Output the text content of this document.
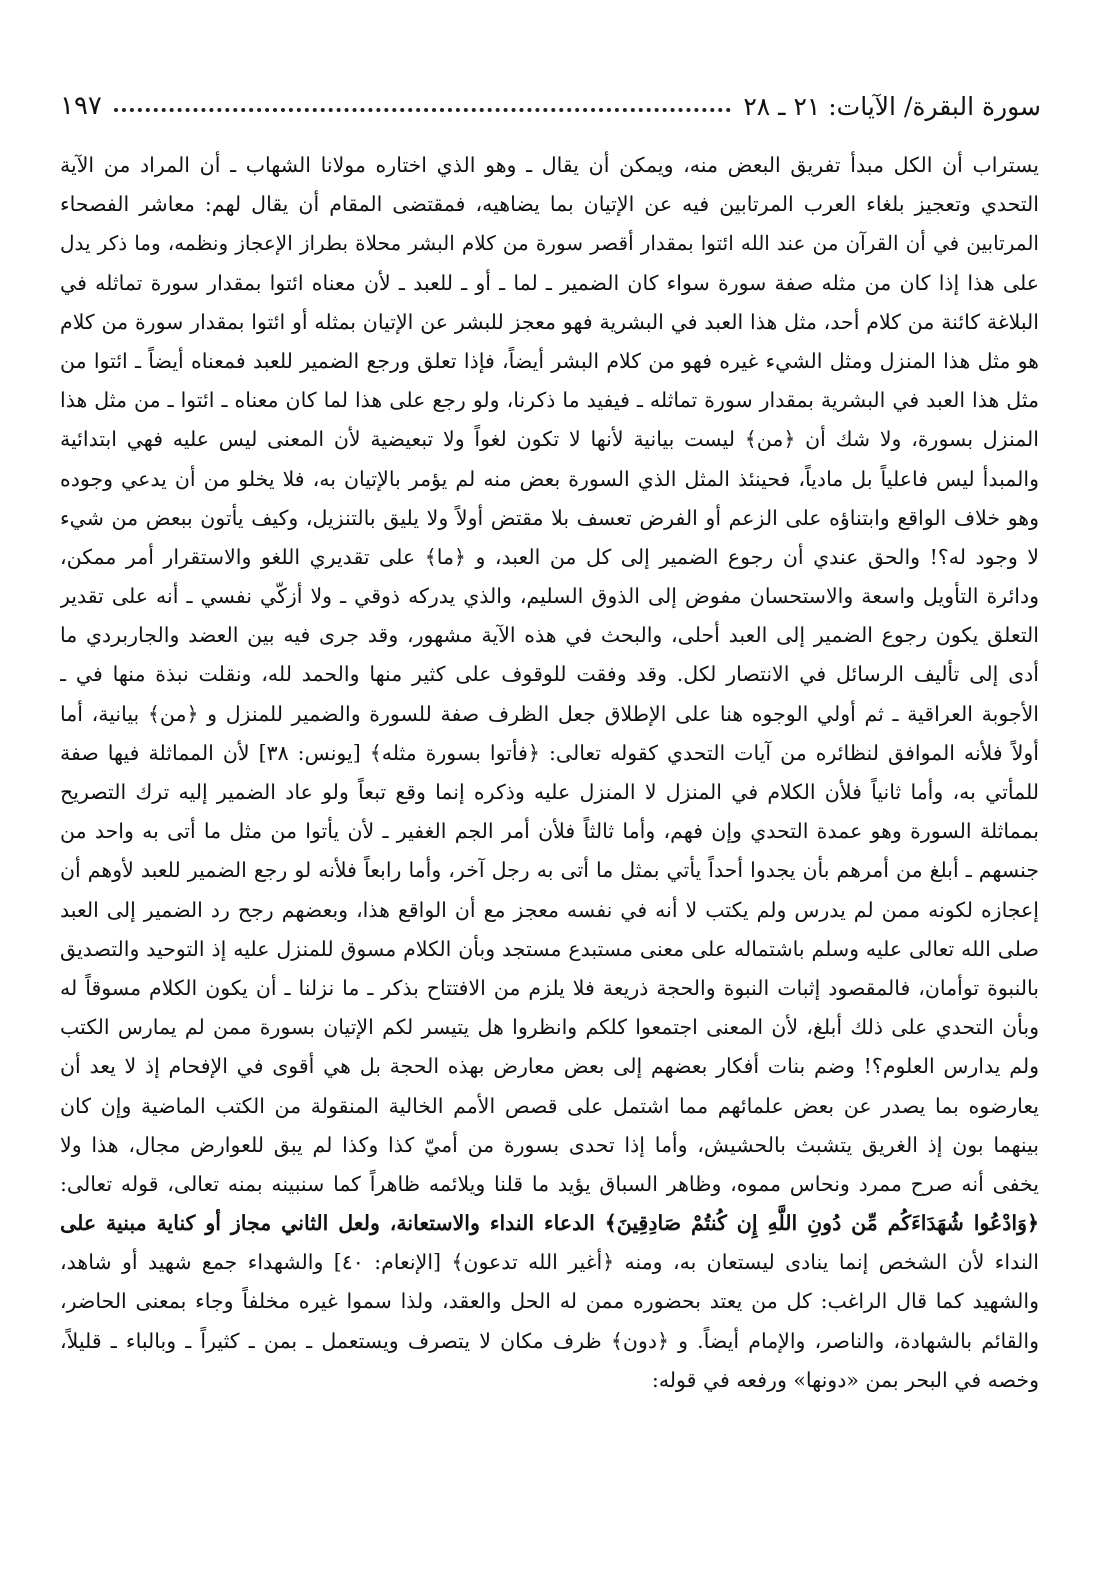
سورة البقرة/ الآيات: ٢١ ـ ٢٨
١٩٧
يستراب أن الكل مبدأ تفريق البعض منه، ويمكن أن يقال ـ وهو الذي اختاره مولانا الشهاب ـ أن المراد من الآية
التحدي وتعجيز بلغاء العرب المرتابين فيه عن الإتيان بما يضاهيه، فمقتضى المقام أن يقال لهم: معاشر الفصحاء
المرتابين في أن القرآن من عند الله ائتوا بمقدار أقصر سورة من كلام البشر محلاة بطراز الإعجاز ونظمه، وما ذكر يدل
على هذا إذا كان من مثله صفة سورة سواء كان الضمير ـ لما ـ أو ـ للعبد ـ لأن معناه ائتوا بمقدار سورة تماثله في
البلاغة كائنة من كلام أحد، مثل هذا العبد في البشرية فهو معجز للبشر عن الإتيان بمثله أو ائتوا بمقدار سورة من كلام
هو مثل هذا المنزل ومثل الشيء غيره فهو من كلام البشر أيضاً، فإذا تعلق ورجع الضمير للعبد فمعناه أيضاً ـ ائتوا من
مثل هذا العبد في البشرية بمقدار سورة تماثله ـ فيفيد ما ذكرنا، ولو رجع على هذا لما كان معناه ـ ائتوا ـ من مثل هذا
المنزل بسورة، ولا شك أن ﴿من﴾ ليست بيانية لأنها لا تكون لغواً ولا تبعيضية لأن المعنى ليس عليه فهي ابتدائية
والمبدأ ليس فاعلياً بل مادياً، فحينئذ المثل الذي السورة بعض منه لم يؤمر بالإتيان به، فلا يخلو من أن يدعي وجوده
وهو خلاف الواقع وابتناؤه على الزعم أو الفرض تعسف بلا مقتض أولاً ولا يليق بالتنزيل، وكيف يأتون ببعض من شيء
لا وجود له؟! والحق عندي أن رجوع الضمير إلى كل من العبد، و ﴿ما﴾ على تقديري اللغو والاستقرار أمر ممكن،
ودائرة التأويل واسعة والاستحسان مفوض إلى الذوق السليم، والذي يدركه ذوقي ـ ولا أزكّي نفسي ـ أنه على تقدير
التعلق يكون رجوع الضمير إلى العبد أحلى، والبحث في هذه الآية مشهور، وقد جرى فيه بين العضد والجاربردي ما
أدى إلى تأليف الرسائل في الانتصار لكل. وقد وفقت للوقوف على كثير منها والحمد لله، ونقلت نبذة منها في ـ
الأجوبة العراقية ـ ثم أولي الوجوه هنا على الإطلاق جعل الظرف صفة للسورة والضمير للمنزل و ﴿من﴾ بيانية، أما
أولاً فلأنه الموافق لنظائره من آيات التحدي كقوله تعالى: ﴿فأتوا بسورة مثله﴾ [يونس: ٣٨] لأن المماثلة فيها صفة
للمأتي به، وأما ثانياً فلأن الكلام في المنزل لا المنزل عليه وذكره إنما وقع تبعاً ولو عاد الضمير إليه ترك التصريح
بمماثلة السورة وهو عمدة التحدي وإن فهم، وأما ثالثاً فلأن أمر الجم الغفير ـ لأن يأتوا من مثل ما أتى به واحد من
جنسهم ـ أبلغ من أمرهم بأن يجدوا أحداً يأتي بمثل ما أتى به رجل آخر، وأما رابعاً فلأنه لو رجع الضمير للعبد لأوهم أن
إعجازه لكونه ممن لم يدرس ولم يكتب لا أنه في نفسه معجز مع أن الواقع هذا، وبعضهم رجح رد الضمير إلى العبد
صلى الله تعالى عليه وسلم باشتماله على معنى مستبدع مستجد وبأن الكلام مسوق للمنزل عليه إذ التوحيد والتصديق
بالنبوة توأمان، فالمقصود إثبات النبوة والحجة ذريعة فلا يلزم من الافتتاح بذكر ـ ما نزلنا ـ أن يكون الكلام مسوقاً له
وبأن التحدي على ذلك أبلغ، لأن المعنى اجتمعوا كلكم وانظروا هل يتيسر لكم الإتيان بسورة ممن لم يمارس الكتب
ولم يدارس العلوم؟! وضم بنات أفكار بعضهم إلى بعض معارض بهذه الحجة بل هي أقوى في الإفحام إذ لا يعد أن
يعارضوه بما يصدر عن بعض علمائهم مما اشتمل على قصص الأمم الخالية المنقولة من الكتب الماضية وإن كان
بينهما بون إذ الغريق يتشبث بالحشيش، وأما إذا تحدى بسورة من أميّ كذا وكذا لم يبق للعوارض مجال، هذا ولا
يخفى أنه صرح ممرد ونحاس مموه، وظاهر السباق يؤيد ما قلنا ويلائمه ظاهراً كما سنبينه بمنه تعالى، قوله تعالى:
﴿وَادْعُوا شُهَدَاءَكُم مِّن دُونِ اللَّهِ إِن كُنتُمْ صَادِقِينَ﴾ الدعاء النداء والاستعانة، ولعل الثاني مجاز أو كناية مبنية على
النداء لأن الشخص إنما ينادى ليستعان به، ومنه ﴿أغير الله تدعون﴾ [الإنعام: ٤٠] والشهداء جمع شهيد أو شاهد،
والشهيد كما قال الراغب: كل من يعتد بحضوره ممن له الحل والعقد، ولذا سموا غيره مخلفاً وجاء بمعنى الحاضر،
والقائم بالشهادة، والناصر، والإمام أيضاً. و ﴿دون﴾ ظرف مكان لا يتصرف ويستعمل ـ بمن ـ كثيراً ـ وبالباء ـ قليلاً،
وخصه في البحر بمن «دونها» ورفعه في قوله:
